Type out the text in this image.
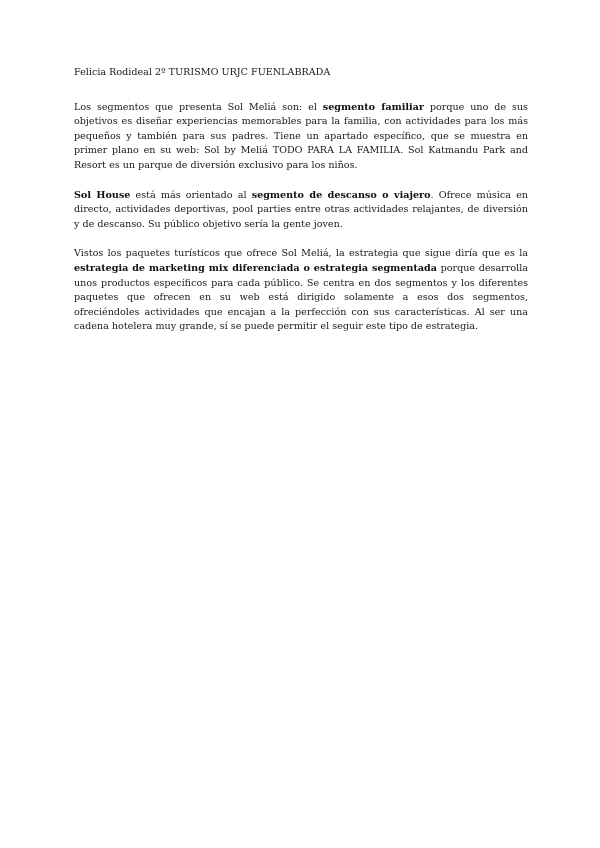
Felicia Rodideal 2º TURISMO URJC FUENLABRADA

Los segmentos que presenta Sol Meliá son: el segmento familiar porque uno de sus objetivos es diseñar experiencias memorables para la familia, con actividades para los más pequeños y también para sus padres. Tiene un apartado específico, que se muestra en primer plano en su web: Sol by Meliá TODO PARA LA FAMILIA. Sol Katmandu Park and Resort es un parque de diversión exclusivo para los niños.

Sol House está más orientado al segmento de descanso o viajero. Ofrece música en directo, actividades deportivas, pool parties entre otras actividades relajantes, de diversión y de descanso. Su público objetivo sería la gente joven.

Vistos los paquetes turísticos que ofrece Sol Meliá, la estrategia que sigue diría que es la estrategia de marketing mix diferenciada o estrategia segmentada porque desarrolla unos productos específicos para cada público. Se centra en dos segmentos y los diferentes paquetes que ofrecen en su web está dirigido solamente a esos dos segmentos, ofreciéndoles actividades que encajan a la perfección con sus características. Al ser una cadena hotelera muy grande, sí se puede permitir el seguir este tipo de estrategia.
